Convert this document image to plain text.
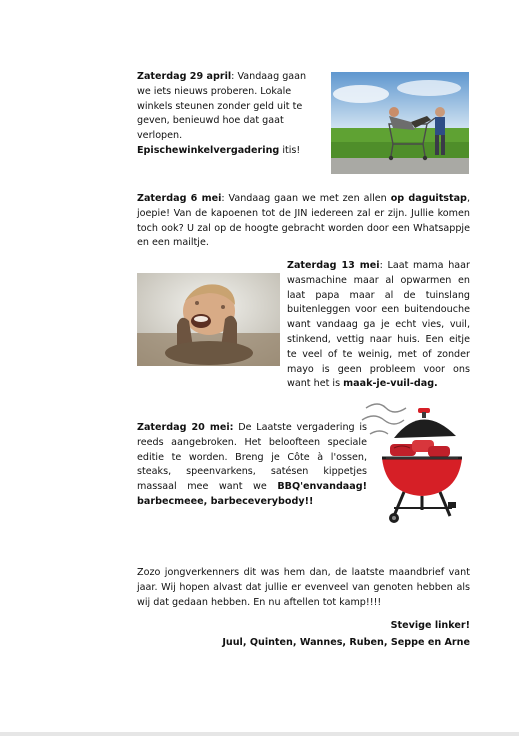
Zaterdag 29 april: Vandaag gaan we iets nieuws proberen. Lokale winkels steunen zonder geld uit te geven, benieuwd hoe dat gaat verlopen. Epischewinkelvergadering itis!
Zaterdag 6 mei: Vandaag gaan we met zen allen op daguitstap, joepie! Van de kapoenen tot de JIN iedereen zal er zijn. Jullie komen toch ook? U zal op de hoogte gebracht worden door een Whatsappje en een mailtje.
Zaterdag 13 mei: Laat mama haar wasmachine maar al opwarmen en laat papa maar al de tuinslang buitenleggen voor een buitendouche want vandaag ga je echt vies, vuil, stinkend, vettig naar huis. Een eitje te veel of te weinig, met of zonder mayo is geen probleem voor ons want het is maak-je-vuil-dag.
Zaterdag 20 mei: De Laatste vergadering is reeds aangebroken. Het beloofteen speciale editie te worden. Breng je Côte à l'ossen, steaks, speenvarkens, satésen kippetjes massaal mee want we BBQ'envandaag! barbecmeee, barbeceverybody!!
Zozo jongverkenners dit was hem dan, de laatste maandbrief vant jaar. Wij hopen alvast dat jullie er evenveel van genoten hebben als wij dat gedaan hebben. En nu aftellen tot kamp!!!!
Stevige linker!
Juul, Quinten, Wannes, Ruben, Seppe en Arne
